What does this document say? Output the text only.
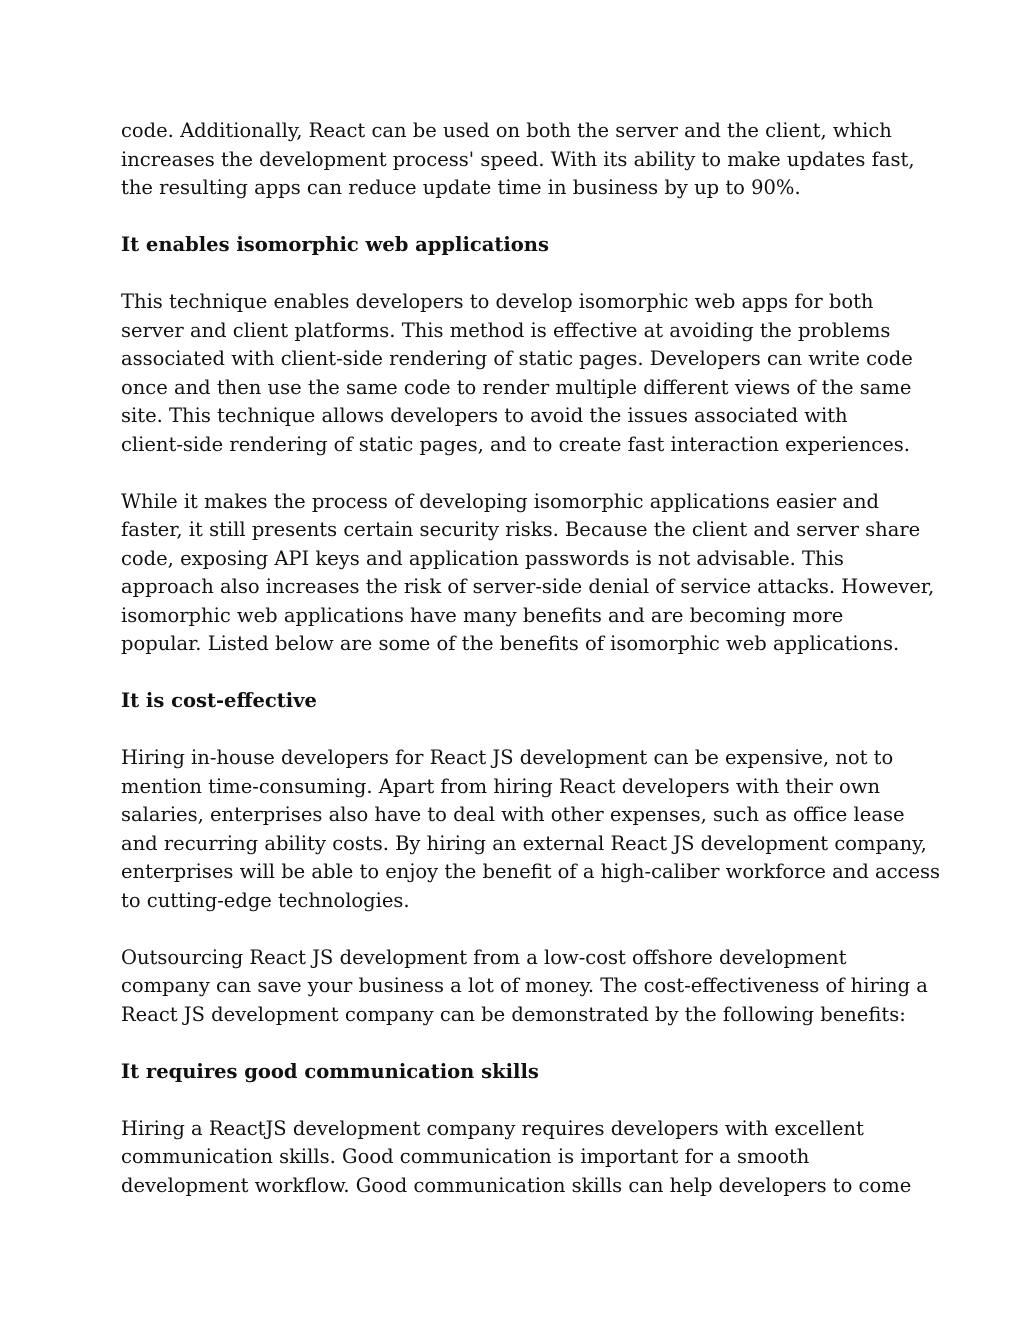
code. Additionally, React can be used on both the server and the client, which
increases the development process' speed. With its ability to make updates fast,
the resulting apps can reduce update time in business by up to 90%.
It enables isomorphic web applications
This technique enables developers to develop isomorphic web apps for both
server and client platforms. This method is effective at avoiding the problems
associated with client-side rendering of static pages. Developers can write code
once and then use the same code to render multiple different views of the same
site. This technique allows developers to avoid the issues associated with
client-side rendering of static pages, and to create fast interaction experiences.
While it makes the process of developing isomorphic applications easier and
faster, it still presents certain security risks. Because the client and server share
code, exposing API keys and application passwords is not advisable. This
approach also increases the risk of server-side denial of service attacks. However,
isomorphic web applications have many benefits and are becoming more
popular. Listed below are some of the benefits of isomorphic web applications.
It is cost-effective
Hiring in-house developers for React JS development can be expensive, not to
mention time-consuming. Apart from hiring React developers with their own
salaries, enterprises also have to deal with other expenses, such as office lease
and recurring ability costs. By hiring an external React JS development company,
enterprises will be able to enjoy the benefit of a high-caliber workforce and access
to cutting-edge technologies.
Outsourcing React JS development from a low-cost offshore development
company can save your business a lot of money. The cost-effectiveness of hiring a
React JS development company can be demonstrated by the following benefits:
It requires good communication skills
Hiring a ReactJS development company requires developers with excellent
communication skills. Good communication is important for a smooth
development workflow. Good communication skills can help developers to come
